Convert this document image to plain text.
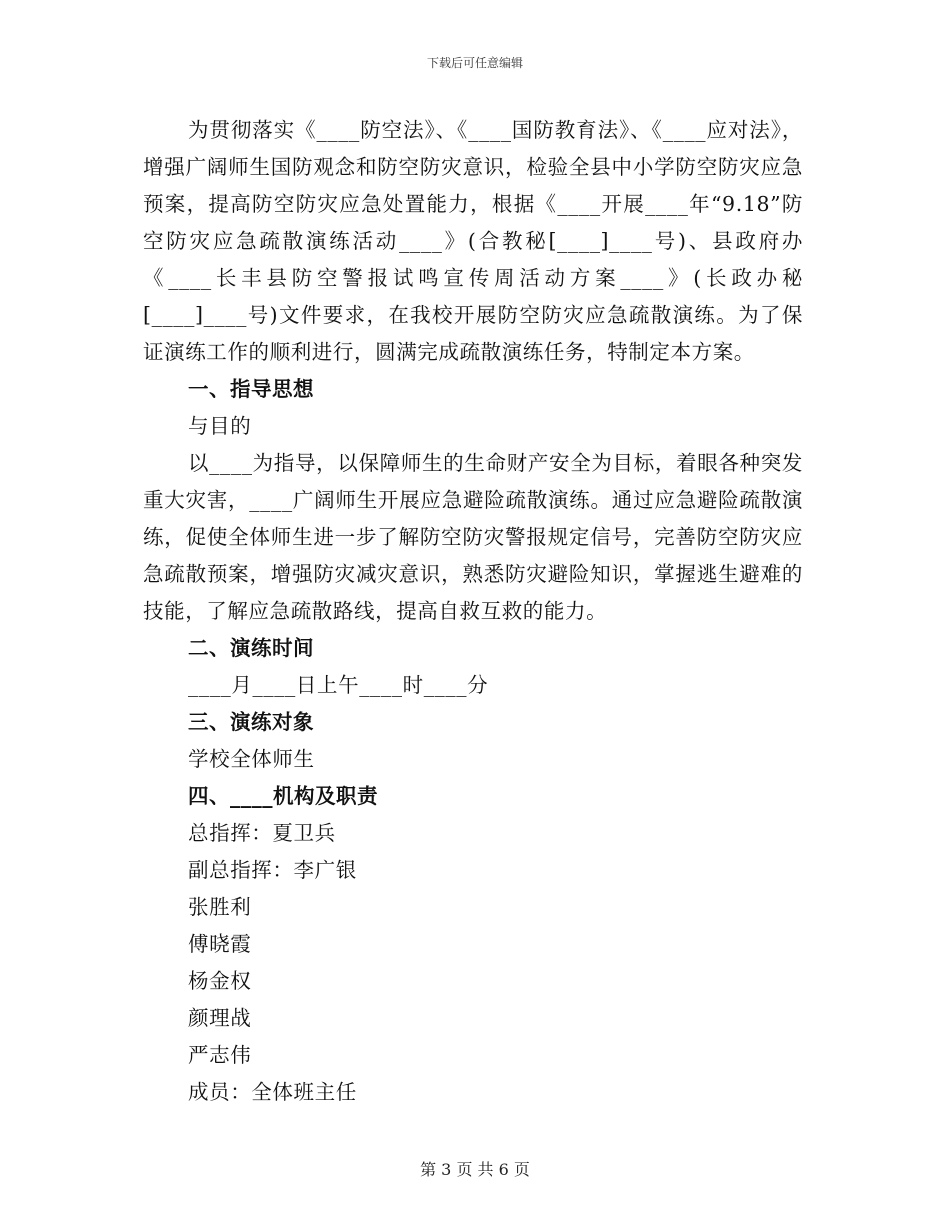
下载后可任意编辑

为贯彻落实《____防空法》、《____国防教育法》、《____应对法》，增强广阔师生国防观念和防空防灾意识，检验全县中小学防空防灾应急预案，提高防空防灾应急处置能力，根据《____开展____年“9.18”防空防灾应急疏散演练活动____》(合教秘[____]____号)、县政府办《____长丰县防空警报试鸣宣传周活动方案____》(长政办秘[____]____号)文件要求，在我校开展防空防灾应急疏散演练。为了保证演练工作的顺利进行，圆满完成疏散演练任务，特制定本方案。

一、指导思想

与目的

以____为指导，以保障师生的生命财产安全为目标，着眼各种突发重大灾害，____广阔师生开展应急避险疏散演练。通过应急避险疏散演练，促使全体师生进一步了解防空防灾警报规定信号，完善防空防灾应急疏散预案，增强防灾减灾意识，熟悉防灾避险知识，掌握逃生避难的技能，了解应急疏散路线，提高自救互救的能力。

二、演练时间

____月____日上午____时____分

三、演练对象

学校全体师生

四、____机构及职责

总指挥：夏卫兵

副总指挥：李广银

张胜利

傅晓霞

杨金权

颜理战

严志伟

成员：全体班主任

第 3 页 共 6 页
